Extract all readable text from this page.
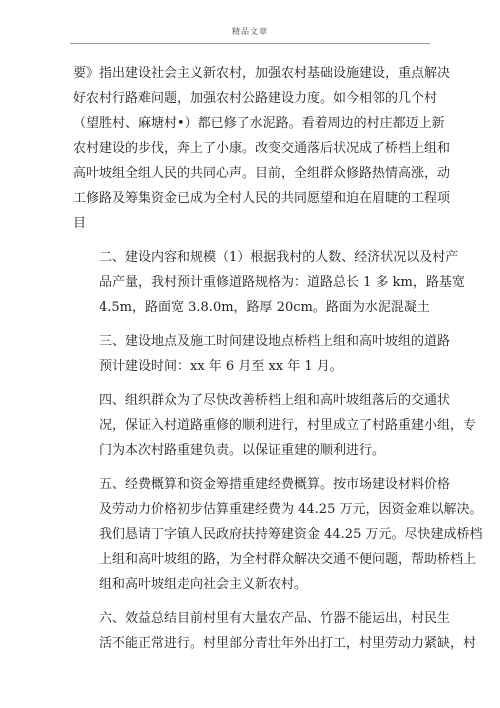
精品文章
要》指出建设社会主义新农村，加强农村基础设施建设，重点解决
好农村行路难问题，加强农村公路建设力度。如今相邻的几个村
（望胜村、麻塘村•）都已修了水泥路。看着周边的村庄都迈上新
农村建设的步伐，奔上了小康。改变交通落后状况成了桥档上组和
高叶坡组全组人民的共同心声。目前，全组群众修路热情高涨，动
工修路及筹集资金已成为全村人民的共同愿望和迫在眉睫的工程项
目
二、建设内容和规模（1）根据我村的人数、经济状况以及村产
品产量，我村预计重修道路规格为：道路总长 1 多 km，路基宽
4.5m，路面宽 3.8.0m，路厚 20cm。路面为水泥混凝土
三、建设地点及施工时间建设地点桥档上组和高叶坡组的道路
预计建设时间：xx 年 6 月至 xx 年 1 月。
四、组织群众为了尽快改善桥档上组和高叶坡组落后的交通状
况，保证入村道路重修的顺利进行，村里成立了村路重建小组，专
门为本次村路重建负责。以保证重建的顺利进行。
五、经费概算和资金筹措重建经费概算。按市场建设材料价格
及劳动力价格初步估算重建经费为 44.25 万元，因资金难以解决。
我们恳请丁字镇人民政府扶持筹建资金 44.25 万元。尽快建成桥档
上组和高叶坡组的路，为全村群众解决交通不便问题，帮助桥档上
组和高叶坡组走向社会主义新农村。
六、效益总结目前村里有大量农产品、竹器不能运出，村民生
活不能正常进行。村里部分青壮年外出打工，村里劳动力紧缺，村
